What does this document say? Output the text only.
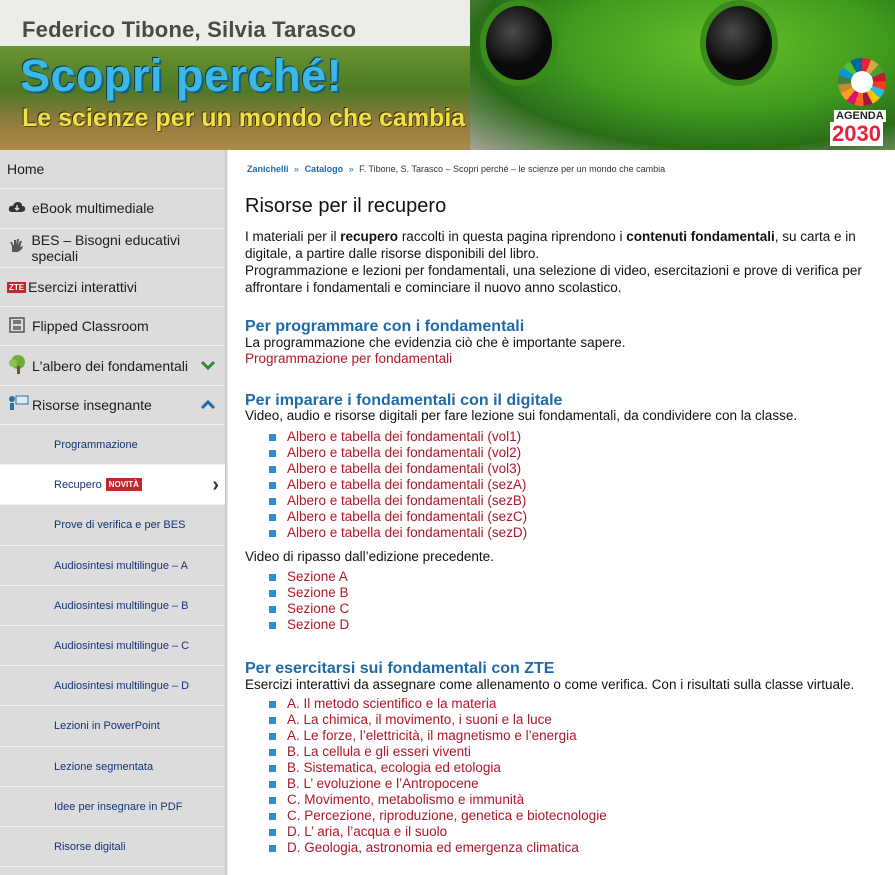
Federico Tibone, Silvia Tarasco
Scopri perché!
Le scienze per un mondo che cambia	AGENDA
2030
Home
eBook multimediale
BES – Bisogni educativi speciali
ZTE Esercizi interattivi
Flipped Classroom
L'albero dei fondamentali
Risorse insegnante
Programmazione
Recupero NOVITÀ	›
Prove di verifica e per BES
Audiosintesi multilingue – A
Audiosintesi multilingue – B
Audiosintesi multilingue – C
Audiosintesi multilingue – D
Lezioni in PowerPoint
Lezione segmentata
Idee per insegnare in PDF
Risorse digitali
Zanichelli » Catalogo » F. Tibone, S. Tarasco – Scopri perché – le scienze per un mondo che cambia
Risorse per il recupero
I materiali per il recupero raccolti in questa pagina riprendono i contenuti fondamentali, su carta e in digitale, a partire dalle risorse disponibili del libro.
Programmazione e lezioni per fondamentali, una selezione di video, esercitazioni e prove di verifica per affrontare i fondamentali e cominciare il nuovo anno scolastico.
Per programmare con i fondamentali

La programmazione che evidenzia ciò che è importante sapere.

Programmazione per fondamentali
Per imparare i fondamentali con il digitale

Video, audio e risorse digitali per fare lezione sui fondamentali, da condividere con la classe.

Albero e tabella dei fondamentali (vol1)
Albero e tabella dei fondamentali (vol2)
Albero e tabella dei fondamentali (vol3)
Albero e tabella dei fondamentali (sezA)
Albero e tabella dei fondamentali (sezB)
Albero e tabella dei fondamentali (sezC)
Albero e tabella dei fondamentali (sezD)

Video di ripasso dall’edizione precedente.

Sezione A
Sezione B
Sezione C
Sezione D
Per esercitarsi sui fondamentali con ZTE

Esercizi interattivi da assegnare come allenamento o come verifica. Con i risultati sulla classe virtuale.

A. Il metodo scientifico e la materia
A. La chimica, il movimento, i suoni e la luce
A. Le forze, l’elettricità, il magnetismo e l’energia
B. La cellula e gli esseri viventi
B. Sistematica, ecologia ed etologia
B. L’ evoluzione e l’Antropocene
C. Movimento, metabolismo e immunità
C. Percezione, riproduzione, genetica e biotecnologie
D. L’ aria, l’acqua e il suolo
D. Geologia, astronomia ed emergenza climatica
